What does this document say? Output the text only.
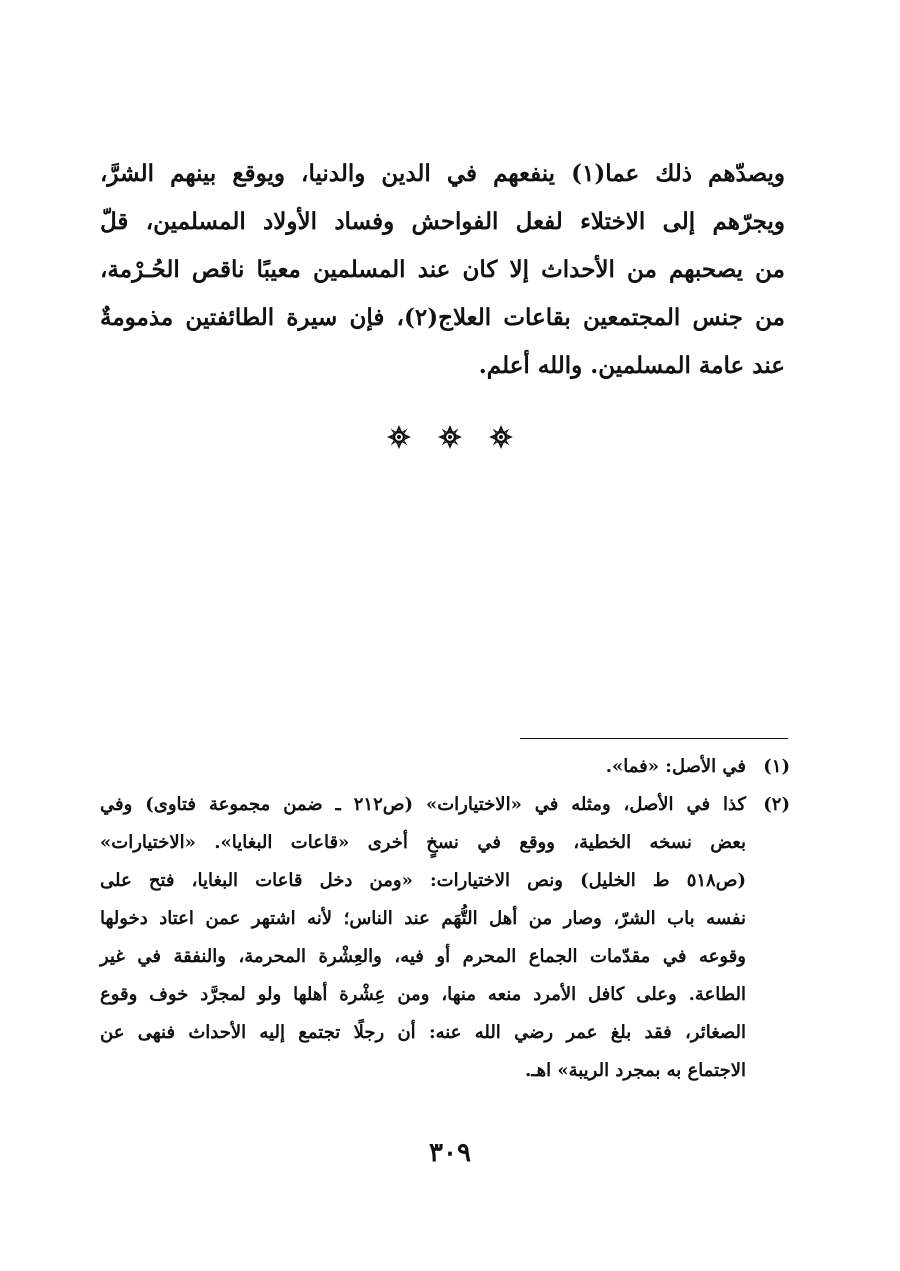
ويصدّهم ذلك عما(١) ينفعهم في الدين والدنيا، ويوقع بينهم الشرَّ،
ويجرّهم إلى الاختلاء لفعل الفواحش وفساد الأولاد المسلمين، قلّ
من يصحبهم من الأحداث إلا كان عند المسلمين معيبًا ناقص الحُـرْمة،
من جنس المجتمعين بقاعات العلاج(٢)، فإن سيرة الطائفتين مذمومةٌ
عند عامة المسلمين. والله أعلم.

(١)
في الأصل: «فما».
(٢)
كذا في الأصل، ومثله في «الاختيارات» (ص٢١٢ ـ ضمن مجموعة فتاوى) وفي
بعض نسخه الخطية، ووقع في نسخٍ أخرى «قاعات البغايا». «الاختيارات»
(ص٥١٨ ط الخليل) ونص الاختيارات: «ومن دخل قاعات البغايا، فتح على
نفسه باب الشرّ، وصار من أهل التُّهَم عند الناس؛ لأنه اشتهر عمن اعتاد دخولها
وقوعه في مقدّمات الجماع المحرم أو فيه، والعِشْرة المحرمة، والنفقة في غير
الطاعة. وعلى كافل الأمرد منعه منها، ومن عِشْرة أهلها ولو لمجرَّد خوف وقوع
الصغائر، فقد بلغ عمر رضي الله عنه: أن رجلًا تجتمع إليه الأحداث فنهى عن
الاجتماع به بمجرد الريبة» اهـ.
٣٠٩
